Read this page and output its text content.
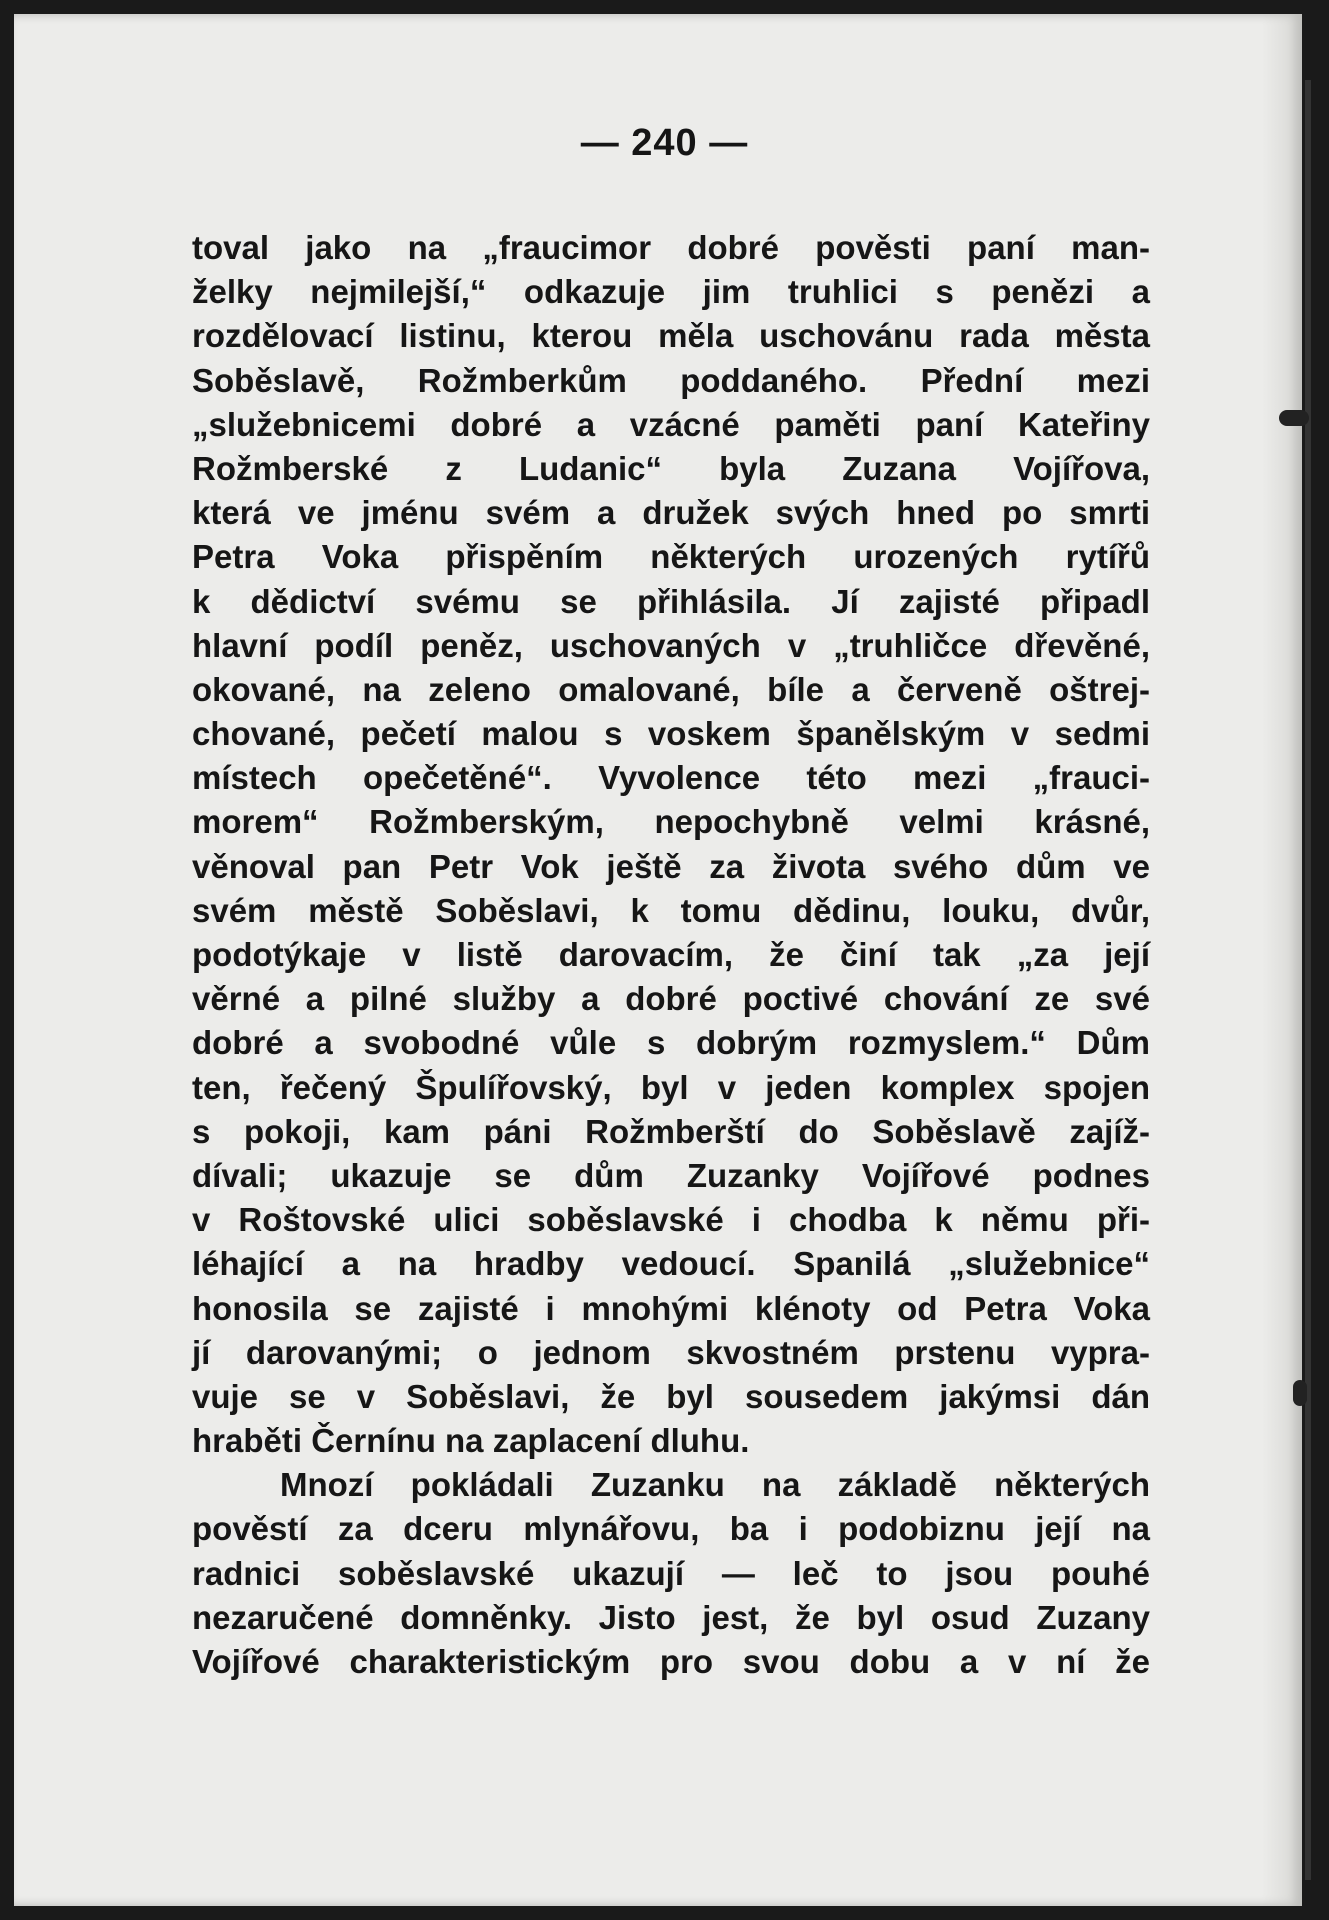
— 240 —
toval jako na „fraucimor dobré pověsti paní man-
želky nejmilejší,“ odkazuje jim truhlici s penězi a
rozdělovací listinu, kterou měla uschovánu rada města
Soběslavě, Rožmberkům poddaného. Přední mezi
„služebnicemi dobré a vzácné paměti paní Kateřiny
Rožmberské z Ludanic“ byla Zuzana Vojířova,
která ve jménu svém a družek svých hned po smrti
Petra Voka přispěním některých urozených rytířů
k dědictví svému se přihlásila. Jí zajisté připadl
hlavní podíl peněz, uschovaných v „truhličce dřevěné,
okované, na zeleno omalované, bíle a červeně oštrej-
chované, pečetí malou s voskem španělským v sedmi
místech opečetěné“. Vyvolence této mezi „frauci-
morem“ Rožmberským, nepochybně velmi krásné,
věnoval pan Petr Vok ještě za života svého dům ve
svém městě Soběslavi, k tomu dědinu, louku, dvůr,
podotýkaje v listě darovacím, že činí tak „za její
věrné a pilné služby a dobré poctivé chování ze své
dobré a svobodné vůle s dobrým rozmyslem.“ Dům
ten, řečený Špulířovský, byl v jeden komplex spojen
s pokoji, kam páni Rožmberští do Soběslavě zajíž-
dívali; ukazuje se dům Zuzanky Vojířové podnes
v Roštovské ulici soběslavské i chodba k němu při-
léhající a na hradby vedoucí. Spanilá „služebnice“
honosila se zajisté i mnohými klénoty od Petra Voka
jí darovanými; o jednom skvostném prstenu vypra-
vuje se v Soběslavi, že byl sousedem jakýmsi dán
hraběti Černínu na zaplacení dluhu.
Mnozí pokládali Zuzanku na základě některých
pověstí za dceru mlynářovu, ba i podobiznu její na
radnici soběslavské ukazují — leč to jsou pouhé
nezaručené domněnky. Jisto jest, že byl osud Zuzany
Vojířové charakteristickým pro svou dobu a v ní že
